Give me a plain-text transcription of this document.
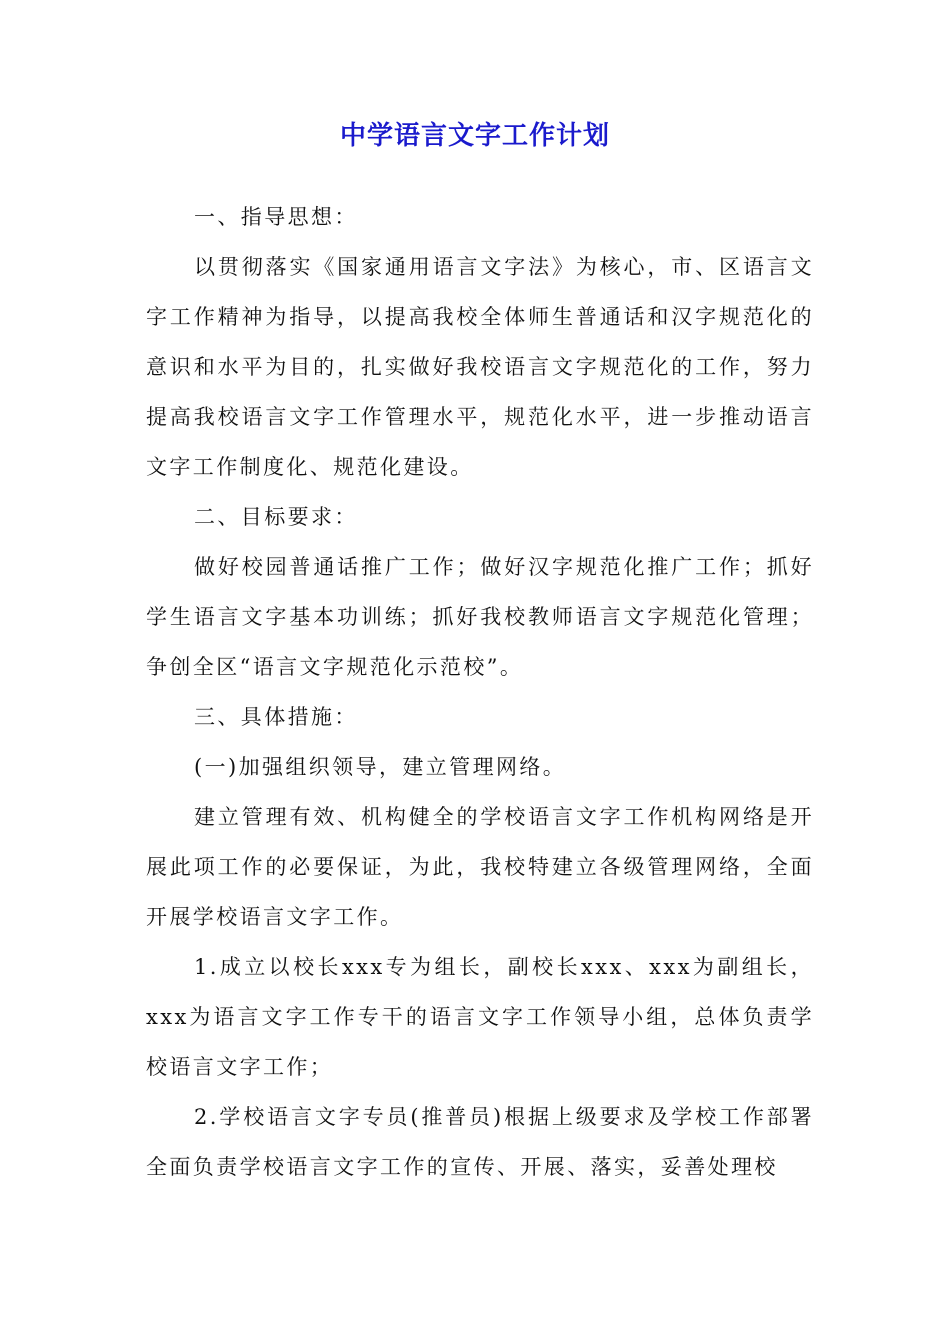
中学语言文字工作计划

一、指导思想：

以贯彻落实《国家通用语言文字法》为核心，市、区语言文字工作精神为指导，以提高我校全体师生普通话和汉字规范化的意识和水平为目的，扎实做好我校语言文字规范化的工作，努力提高我校语言文字工作管理水平，规范化水平，进一步推动语言文字工作制度化、规范化建设。

二、目标要求：

做好校园普通话推广工作；做好汉字规范化推广工作；抓好学生语言文字基本功训练；抓好我校教师语言文字规范化管理；争创全区“语言文字规范化示范校”。

三、具体措施：

(一)加强组织领导，建立管理网络。

建立管理有效、机构健全的学校语言文字工作机构网络是开展此项工作的必要保证，为此，我校特建立各级管理网络，全面开展学校语言文字工作。

1.成立以校长xxx专为组长，副校长xxx、xxx为副组长，xxx为语言文字工作专干的语言文字工作领导小组，总体负责学校语言文字工作；

2.学校语言文字专员(推普员)根据上级要求及学校工作部署全面负责学校语言文字工作的宣传、开展、落实，妥善处理校
